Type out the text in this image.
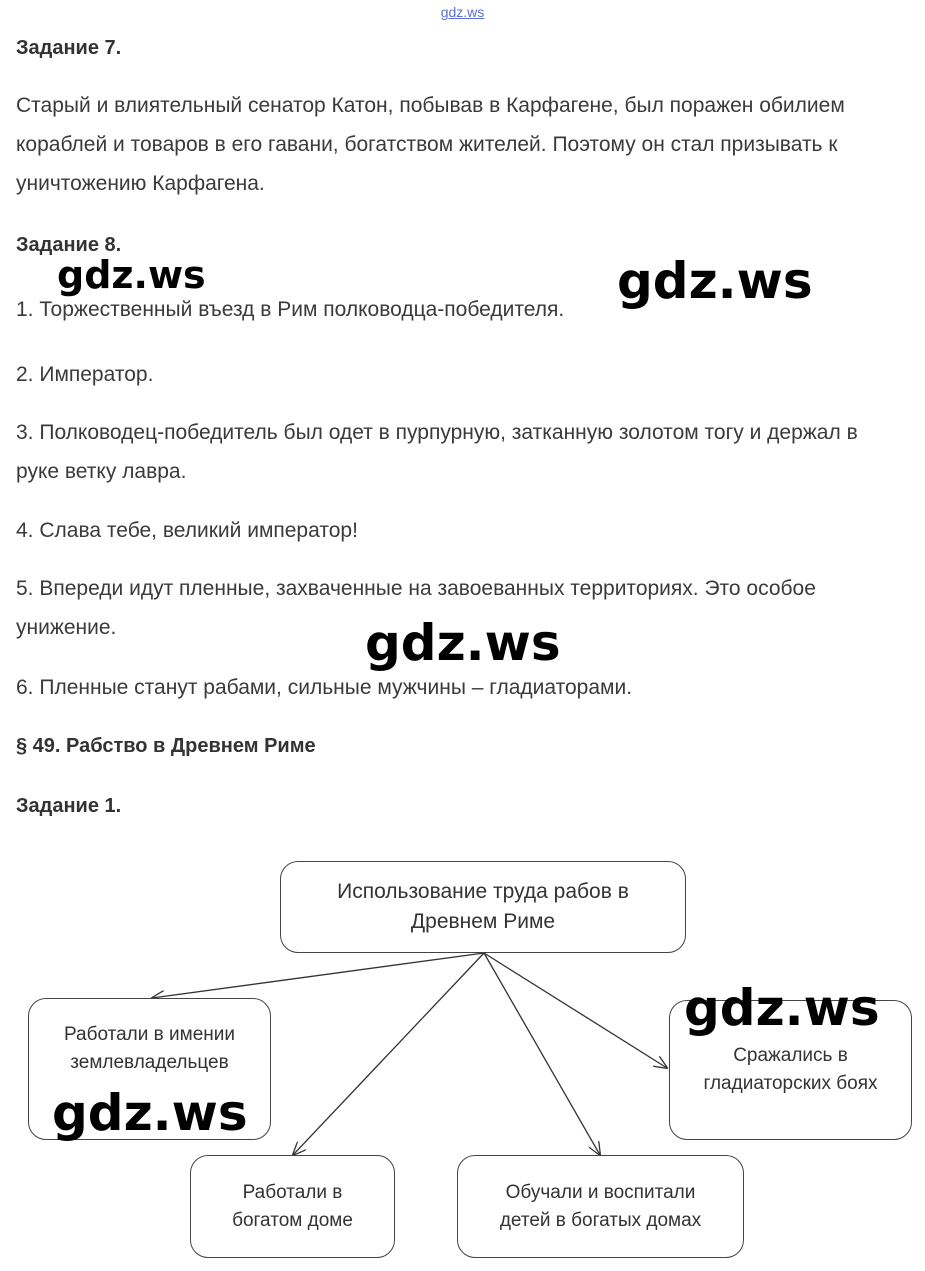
gdz.ws
Задание 7.

Старый и влиятельный сенатор Катон, побывав в Карфагене, был поражен обилием кораблей и товаров в его гавани, богатством жителей. Поэтому он стал призывать к уничтожению Карфагена.

Задание 8.

1. Торжественный въезд в Рим полководца-победителя.

2. Император.

3. Полководец-победитель был одет в пурпурную, затканную золотом тогу и держал в руке ветку лавра.

4. Слава тебе, великий император!

5. Впереди идут пленные, захваченные на завоеванных территориях. Это особое унижение.

6. Пленные станут рабами, сильные мужчины – гладиаторами.

§ 49. Рабство в Древнем Риме
Задание 1.
Использование труда рабов в Древнем Риме
Работали в имении землевладельцев
Работали в богатом доме
Обучали и воспитали детей в богатых домах
Сражались в гладиаторских боях
gdz.ws	gdz.ws
gdz.ws
gdz.ws
gdz.ws
